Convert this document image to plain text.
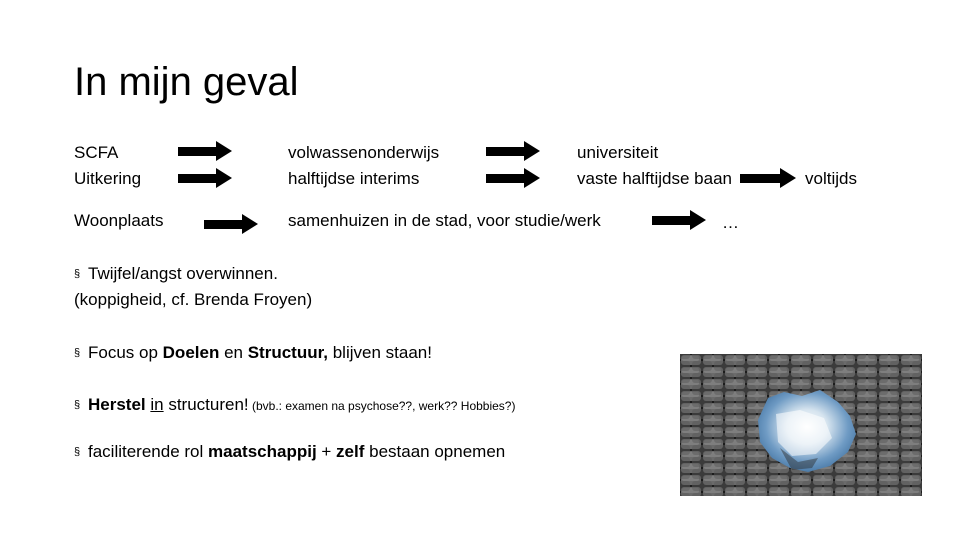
In mijn geval
SCFA	volwassenonderwijs	universiteit
Uitkering	halftijdse interims	vaste halftijdse baan	voltijds
Woonplaats	samenhuizen in de stad, voor studie/werk	…
§ Twijfel/angst overwinnen.
(koppigheid, cf. Brenda Froyen)
§ Focus op Doelen en Structuur, blijven staan!
§ Herstel in structuren! (bvb.: examen na psychose??, werk?? Hobbies?)
§ faciliterende rol maatschappij + zelf bestaan opnemen
